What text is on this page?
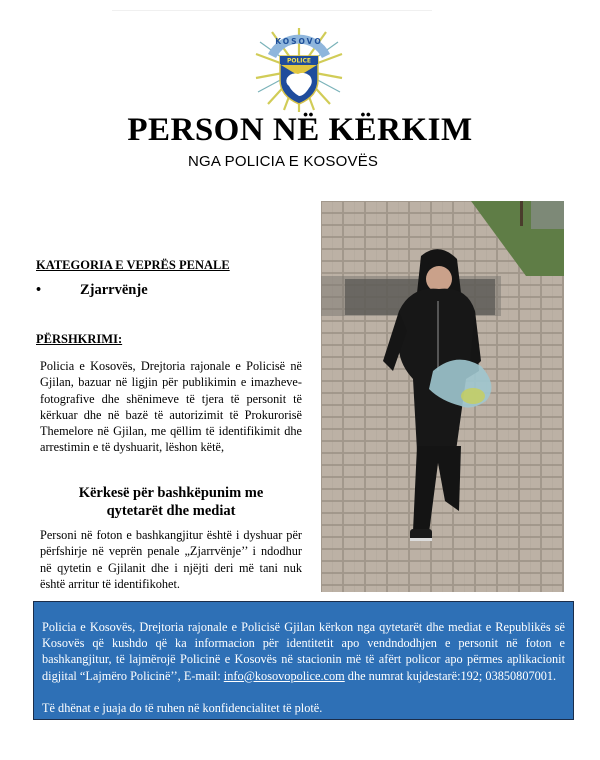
KOSOVO
POLICE
PERSON NË KËRKIM
NGA POLICIA E KOSOVËS
KATEGORIA E VEPRËS PENALE
•	Zjarrvënje
PËRSHKRIMI:
Policia e Kosovës, Drejtoria rajonale e Policisë në Gjilan, bazuar në ligjin për publikimin e imazheve-fotografive dhe shënimeve të tjera të personit të kërkuar dhe në bazë të autorizimit të Prokurorisë Themelore në Gjilan, me qëllim të identifikimit dhe arrestimin e të dyshuarit, lëshon këtë,
Kërkesë për bashkëpunim me
qytetarët dhe mediat
Personi në foton e bashkangjitur është i dyshuar për përfshirje në veprën penale „Zjarrvënje’’ i ndodhur në qytetin e Gjilanit dhe i njëjti deri më tani nuk është arritur të identifikohet.
Policia e Kosovës, Drejtoria rajonale e Policisë Gjilan kërkon nga qytetarët dhe mediat e Republikës së Kosovës që kushdo që ka informacion për identitetit apo vendndodhjen e personit në foton e bashkangjitur, të lajmërojë Policinë e Kosovës në stacionin më të afërt policor apo përmes aplikacionit digjital “Lajmëro Policinë’’, E-mail: info@kosovopolice.com dhe numrat kujdestarë:192; 03850807001.
Të dhënat e juaja do të ruhen në konfidencialitet të plotë.
